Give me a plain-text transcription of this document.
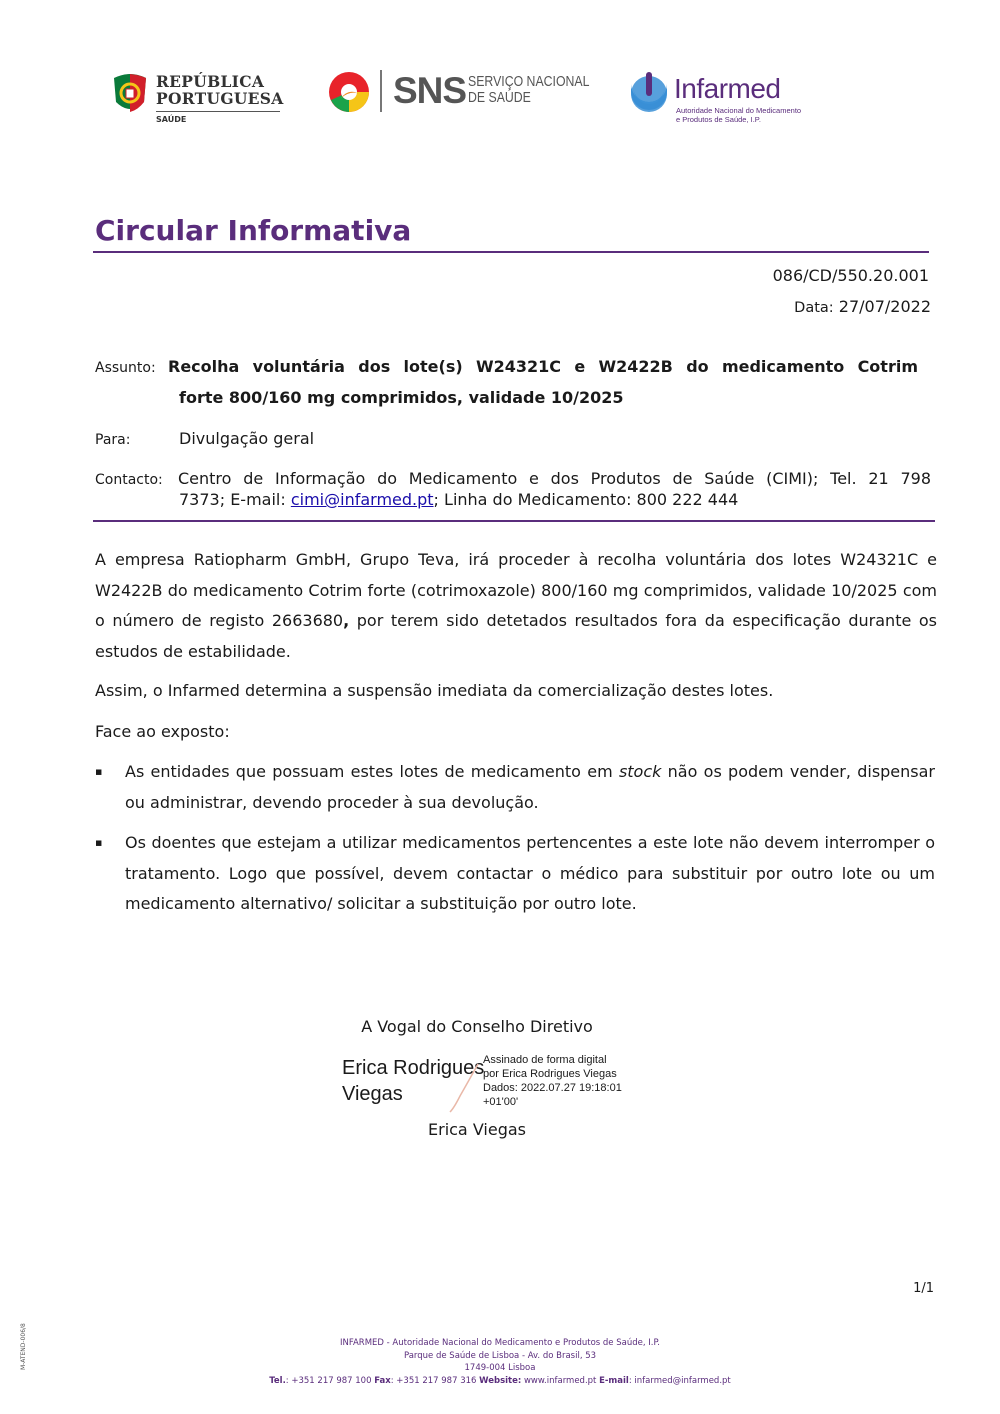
REPÚBLICA
PORTUGUESA
SAÚDE
SNS SERVIÇO NACIONAL
DE SAÚDE	Infarmed
Autoridade Nacional do Medicamento
e Produtos de Saúde, I.P.
Circular Informativa
086/CD/550.20.001
Data: 27/07/2022
Assunto: Recolha voluntária dos lote(s) W24321C e W2422B do medicamento Cotrim
forte 800/160 mg comprimidos, validade 10/2025
Para:	Divulgação geral
Contacto: Centro de Informação do Medicamento e dos Produtos de Saúde (CIMI); Tel. 21 798
7373; E-mail: cimi@infarmed.pt; Linha do Medicamento: 800 222 444
A empresa Ratiopharm GmbH, Grupo Teva, irá proceder à recolha voluntária dos lotes W24321C e W2422B do medicamento Cotrim forte (cotrimoxazole) 800/160 mg comprimidos, validade 10/2025 com o número de registo 2663680, por terem sido detetados resultados fora da especificação durante os estudos de estabilidade.
Assim, o Infarmed determina a suspensão imediata da comercialização destes lotes.
Face ao exposto:
▪ As entidades que possuam estes lotes de medicamento em stock não os podem vender, dispensar ou administrar, devendo proceder à sua devolução.
▪ Os doentes que estejam a utilizar medicamentos pertencentes a este lote não devem interromper o tratamento. Logo que possível, devem contactar o médico para substituir por outro lote ou um medicamento alternativo/ solicitar a substituição por outro lote.
A Vogal do Conselho Diretivo
Erica Rodrigues
Viegas
Assinado de forma digital
por Erica Rodrigues Viegas
Dados: 2022.07.27 19:18:01
+01'00'
Erica Viegas
1/1
M-ATEND-006/8	INFARMED - Autoridade Nacional do Medicamento e Produtos de Saúde, I.P.
Parque de Saúde de Lisboa - Av. do Brasil, 53
1749-004 Lisboa
Tel.: +351 217 987 100 Fax: +351 217 987 316 Website: www.infarmed.pt E-mail: infarmed@infarmed.pt
